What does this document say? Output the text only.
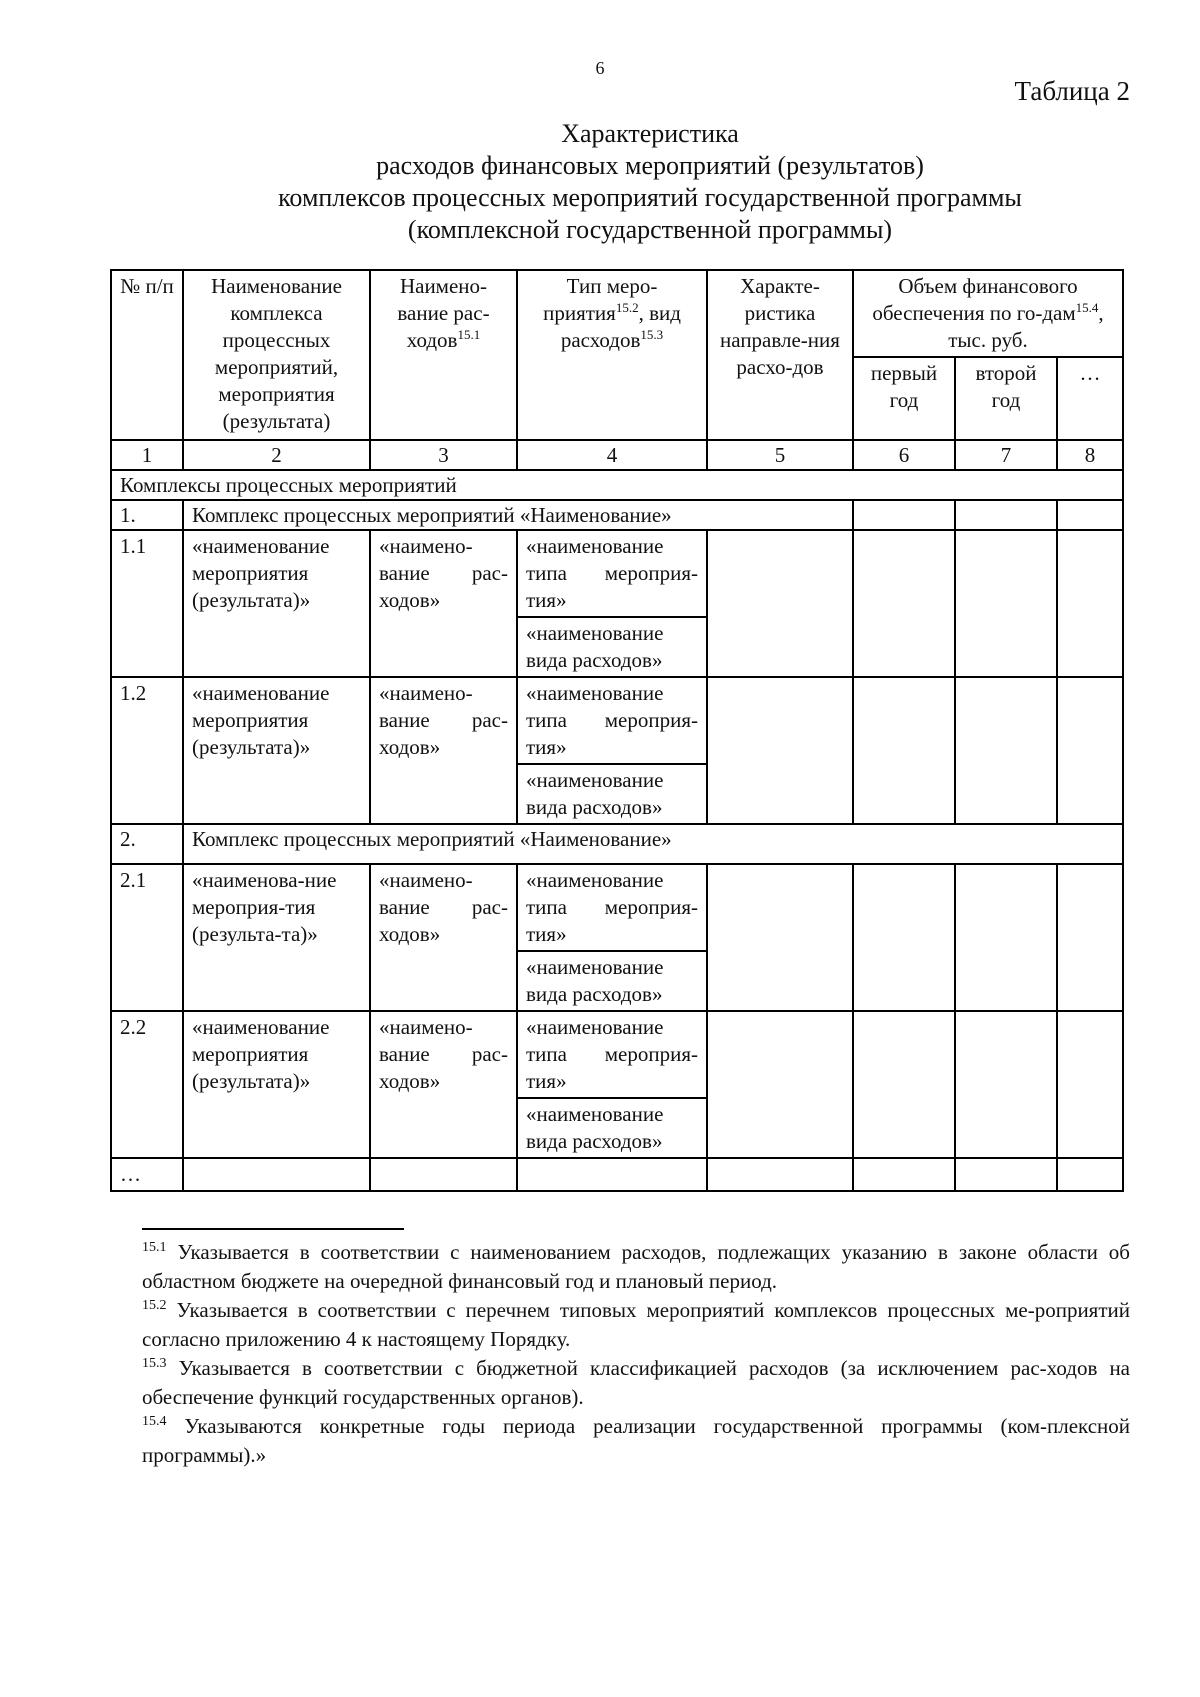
6
Таблица 2
Характеристика
расходов финансовых мероприятий (результатов)
комплексов процессных мероприятий государственной программы
(комплексной государственной программы)
№ п/п	Наименование комплекса процессных мероприятий, мероприятия (результата)	Наимено-вание рас-ходов$^{15.1}$	Тип меро-приятия$^{15.2}$, вид расходов$^{15.3}$	Характе-ристика направле-ния расхо-дов	Объем финансового обеспечения по го-дам$^{15.4}$, тыс. руб.		
					первый год	второй год	…
1	2	3	4	5	6	7	8
Комплексы процессных мероприятий							
1.	Комплекс процессных мероприятий «Наименование»						
1.1	«наименование мероприятия (результата)»	«наимено-вание рас-ходов»	«наименование типа мероприя-тия»				
			«наименование вида расходов»				
1.2	«наименование мероприятия (результата)»	«наимено-вание рас-ходов»	«наименование типа мероприя-тия»				
			«наименование вида расходов»				
2.	Комплекс процессных мероприятий «Наименование»						
2.1	«наименова-ние мероприя-тия (результа-та)»	«наимено-вание рас-ходов»	«наименование типа мероприя-тия»				
			«наименование вида расходов»				
2.2	«наименование мероприятия (результата)»	«наимено-вание рас-ходов»	«наименование типа мероприя-тия»				
			«наименование вида расходов»				
…							
$^{15.1}$ Указывается в соответствии с наименованием расходов, подлежащих указанию в законе области об областном бюджете на очередной финансовый год и плановый период.
$^{15.2}$ Указывается в соответствии с перечнем типовых мероприятий комплексов процессных ме-роприятий согласно приложению 4 к настоящему Порядку.
$^{15.3}$ Указывается в соответствии с бюджетной классификацией расходов (за исключением рас-ходов на обеспечение функций государственных органов).
$^{15.4}$ Указываются конкретные годы периода реализации государственной программы (ком-плексной программы).»
